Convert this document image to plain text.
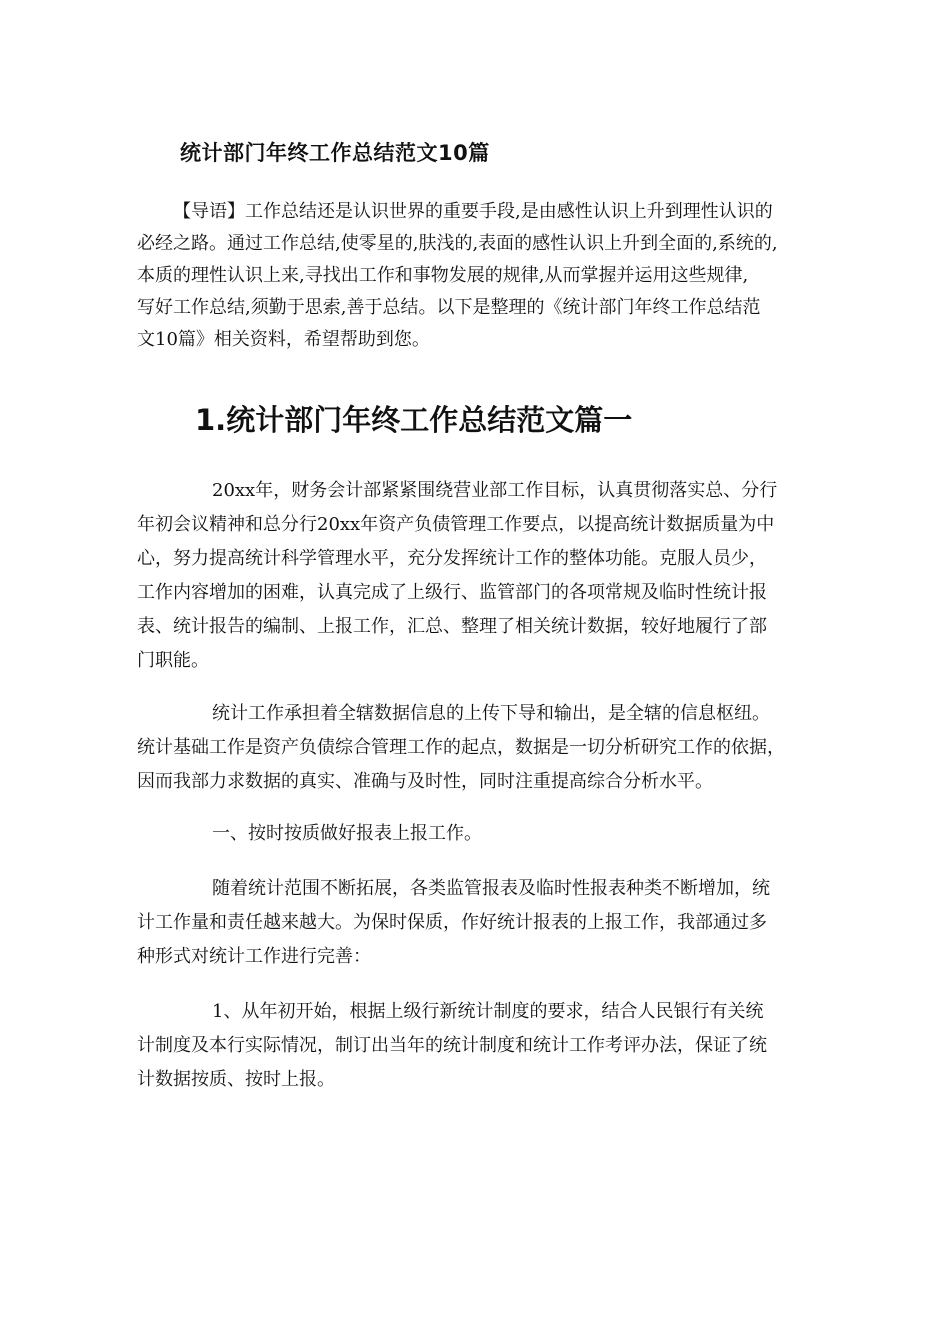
统计部门年终工作总结范文10篇
【导语】工作总结还是认识世界的重要手段,是由感性认识上升到理性认识的
必经之路。通过工作总结,使零星的,肤浅的,表面的感性认识上升到全面的,系统的,
本质的理性认识上来,寻找出工作和事物发展的规律,从而掌握并运用这些规律,
写好工作总结,须勤于思索,善于总结。以下是整理的《统计部门年终工作总结范
文10篇》相关资料，希望帮助到您。
1.统计部门年终工作总结范文篇一
20xx年，财务会计部紧紧围绕营业部工作目标，认真贯彻落实总、分行
年初会议精神和总分行20xx年资产负债管理工作要点，以提高统计数据质量为中
心，努力提高统计科学管理水平，充分发挥统计工作的整体功能。克服人员少，
工作内容增加的困难，认真完成了上级行、监管部门的各项常规及临时性统计报
表、统计报告的编制、上报工作，汇总、整理了相关统计数据，较好地履行了部
门职能。
统计工作承担着全辖数据信息的上传下导和输出，是全辖的信息枢纽。
统计基础工作是资产负债综合管理工作的起点，数据是一切分析研究工作的依据，
因而我部力求数据的真实、准确与及时性，同时注重提高综合分析水平。
一、按时按质做好报表上报工作。
随着统计范围不断拓展，各类监管报表及临时性报表种类不断增加，统
计工作量和责任越来越大。为保时保质，作好统计报表的上报工作，我部通过多
种形式对统计工作进行完善：
1、从年初开始，根据上级行新统计制度的要求，结合人民银行有关统
计制度及本行实际情况，制订出当年的统计制度和统计工作考评办法，保证了统
计数据按质、按时上报。
